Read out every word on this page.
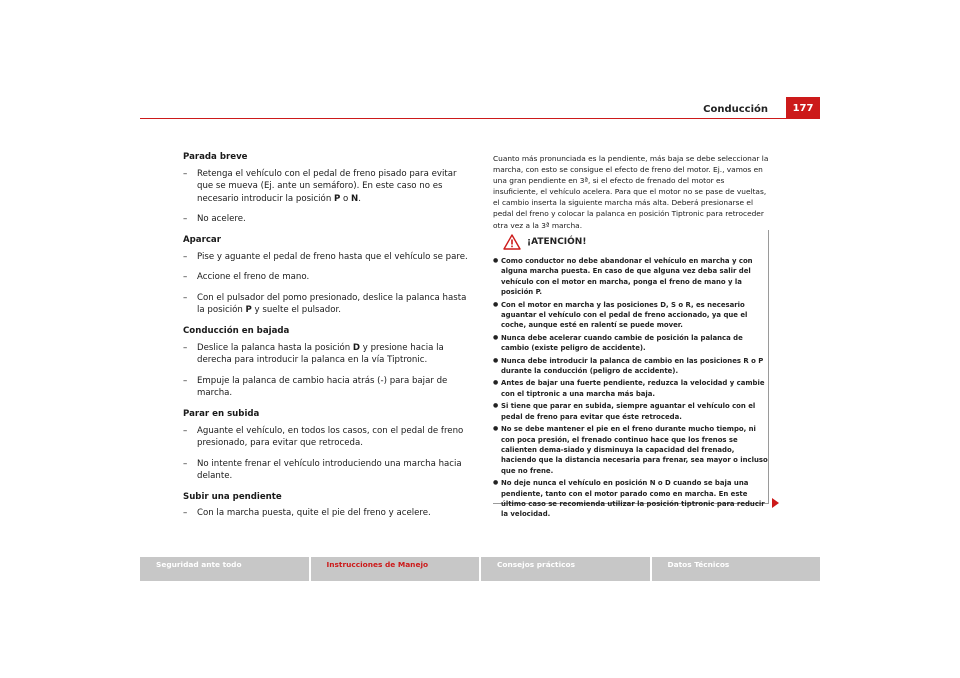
Conducción	177
Parada breve
– Retenga el vehículo con el pedal de freno pisado para evitar que se mueva (Ej. ante un semáforo). En este caso no es necesario introducir la posición P o N.
– No acelere.
Aparcar
– Pise y aguante el pedal de freno hasta que el vehículo se pare.
– Accione el freno de mano.
– Con el pulsador del pomo presionado, deslice la palanca hasta la posición P y suelte el pulsador.
Conducción en bajada
– Deslice la palanca hasta la posición D y presione hacia la derecha para introducir la palanca en la vía Tiptronic.
– Empuje la palanca de cambio hacia atrás (-) para bajar de marcha.
Parar en subida
– Aguante el vehículo, en todos los casos, con el pedal de freno presionado, para evitar que retroceda.
– No intente frenar el vehículo introduciendo una marcha hacia delante.
Subir una pendiente
– Con la marcha puesta, quite el pie del freno y acelere.
Cuanto más pronunciada es la pendiente, más baja se debe seleccionar la marcha, con esto se consigue el efecto de freno del motor. Ej., vamos en una gran pendiente en 3ª, si el efecto de frenado del motor es insuficiente, el vehículo acelera. Para que el motor no se pase de vueltas, el cambio inserta la siguiente marcha más alta. Deberá presionarse el pedal del freno y colocar la palanca en posición Tiptronic para retroceder otra vez a la 3ª marcha.
¡ATENCIÓN!
● Como conductor no debe abandonar el vehículo en marcha y con alguna marcha puesta. En caso de que alguna vez deba salir del vehículo con el motor en marcha, ponga el freno de mano y la posición P.
● Con el motor en marcha y las posiciones D, S o R, es necesario aguantar el vehículo con el pedal de freno accionado, ya que el coche, aunque esté en ralentí se puede mover.
● Nunca debe acelerar cuando cambie de posición la palanca de cambio (existe peligro de accidente).
● Nunca debe introducir la palanca de cambio en las posiciones R o P durante la conducción (peligro de accidente).
● Antes de bajar una fuerte pendiente, reduzca la velocidad y cambie con el tiptronic a una marcha más baja.
● Si tiene que parar en subida, siempre aguantar el vehículo con el pedal de freno para evitar que éste retroceda.
● No se debe mantener el pie en el freno durante mucho tiempo, ni con poca presión, el frenado continuo hace que los frenos se calienten dema-siado y disminuya la capacidad del frenado, haciendo que la distancia necesaria para frenar, sea mayor o incluso que no frene.
● No deje nunca el vehículo en posición N o D cuando se baja una pendiente, tanto con el motor parado como en marcha. En este último caso se recomienda utilizar la posición tiptronic para reducir la velocidad.
Seguridad ante todo	Instrucciones de Manejo	Consejos prácticos	Datos Técnicos
